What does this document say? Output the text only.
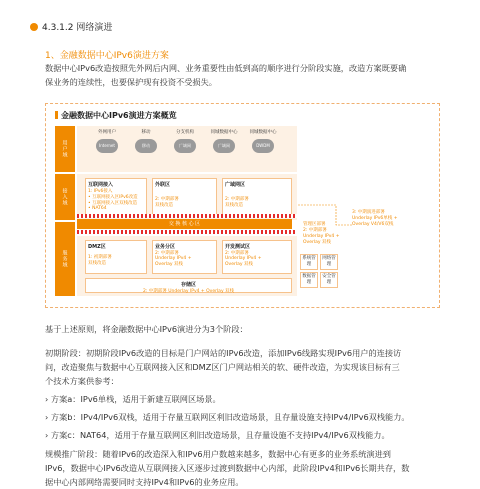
4.3.1.2 网络演进
1、金融数据中心IPv6演进方案
数据中心IPv6改造按照先外网后内网、业务重要性由低到高的顺序进行分阶段实施，改造方案既要确
保业务的连续性，也要保护现有投资不受损失。
金融数据中心IPv6演进方案概览
用户域
接入域
服务域
外网用户
Internet
移动
移动
分支机构
广域网
同城数据中心
广域网
同城数据中心
DWDM
互联网接入
1: IPv6接入
• 互联网接入区IPv6改造
• 互联网接入区双栈改造
• NAT64
外联区
2: 中期部署
双栈改造
广域网区
2: 中期部署
双栈改造
交 换 核 心 区
DMZ区
1: 初期部署
双栈改造
业务分区
2: 中期部署
Underlay IPv4 +
Overlay 双栈
开发测试区
2: 中期部署
Underlay IPv4 +
Overlay 双栈
存储区
2: 中期部署 Underlay IPv4 + Overlay 双栈
管理区部署
2: 中期部署
Underlay IPv4 +
Overlay 双栈
系统管理
网络管理
数据管理
安全管理
3: 中期演进部署
Underlay IPv6单栈 +
Overlay V4/V6双栈
基于上述原则，将金融数据中心IPv6演进分为3个阶段：
初期阶段：初期阶段IPv6改造的目标是门户网站的IPv6改造，添加IPv6线路实现IPv6用户的连接访
问，改造聚焦与数据中心互联网接入区和DMZ区门户网站相关的软、硬件改造，为实现该目标有三
个技术方案供参考：
› 方案a：IPv6单栈，适用于新建互联网区场景。
› 方案b：IPv4/IPv6双栈，适用于存量互联网区利旧改造场景，且存量设施支持IPv4/IPv6双栈能力。
› 方案c：NAT64，适用于存量互联网区利旧改造场景，且存量设施不支持IPv4/IPv6双栈能力。
规模推广阶段：随着IPv6的改造深入和IPv6用户数越来越多，数据中心有更多的业务系统演进到
IPv6，数据中心IPv6改造从互联网接入区逐步过渡到数据中心内部，此阶段IPv4和IPv6长期共存，数
据中心内部网络需要同时支持IPv4和IPv6的业务应用。
